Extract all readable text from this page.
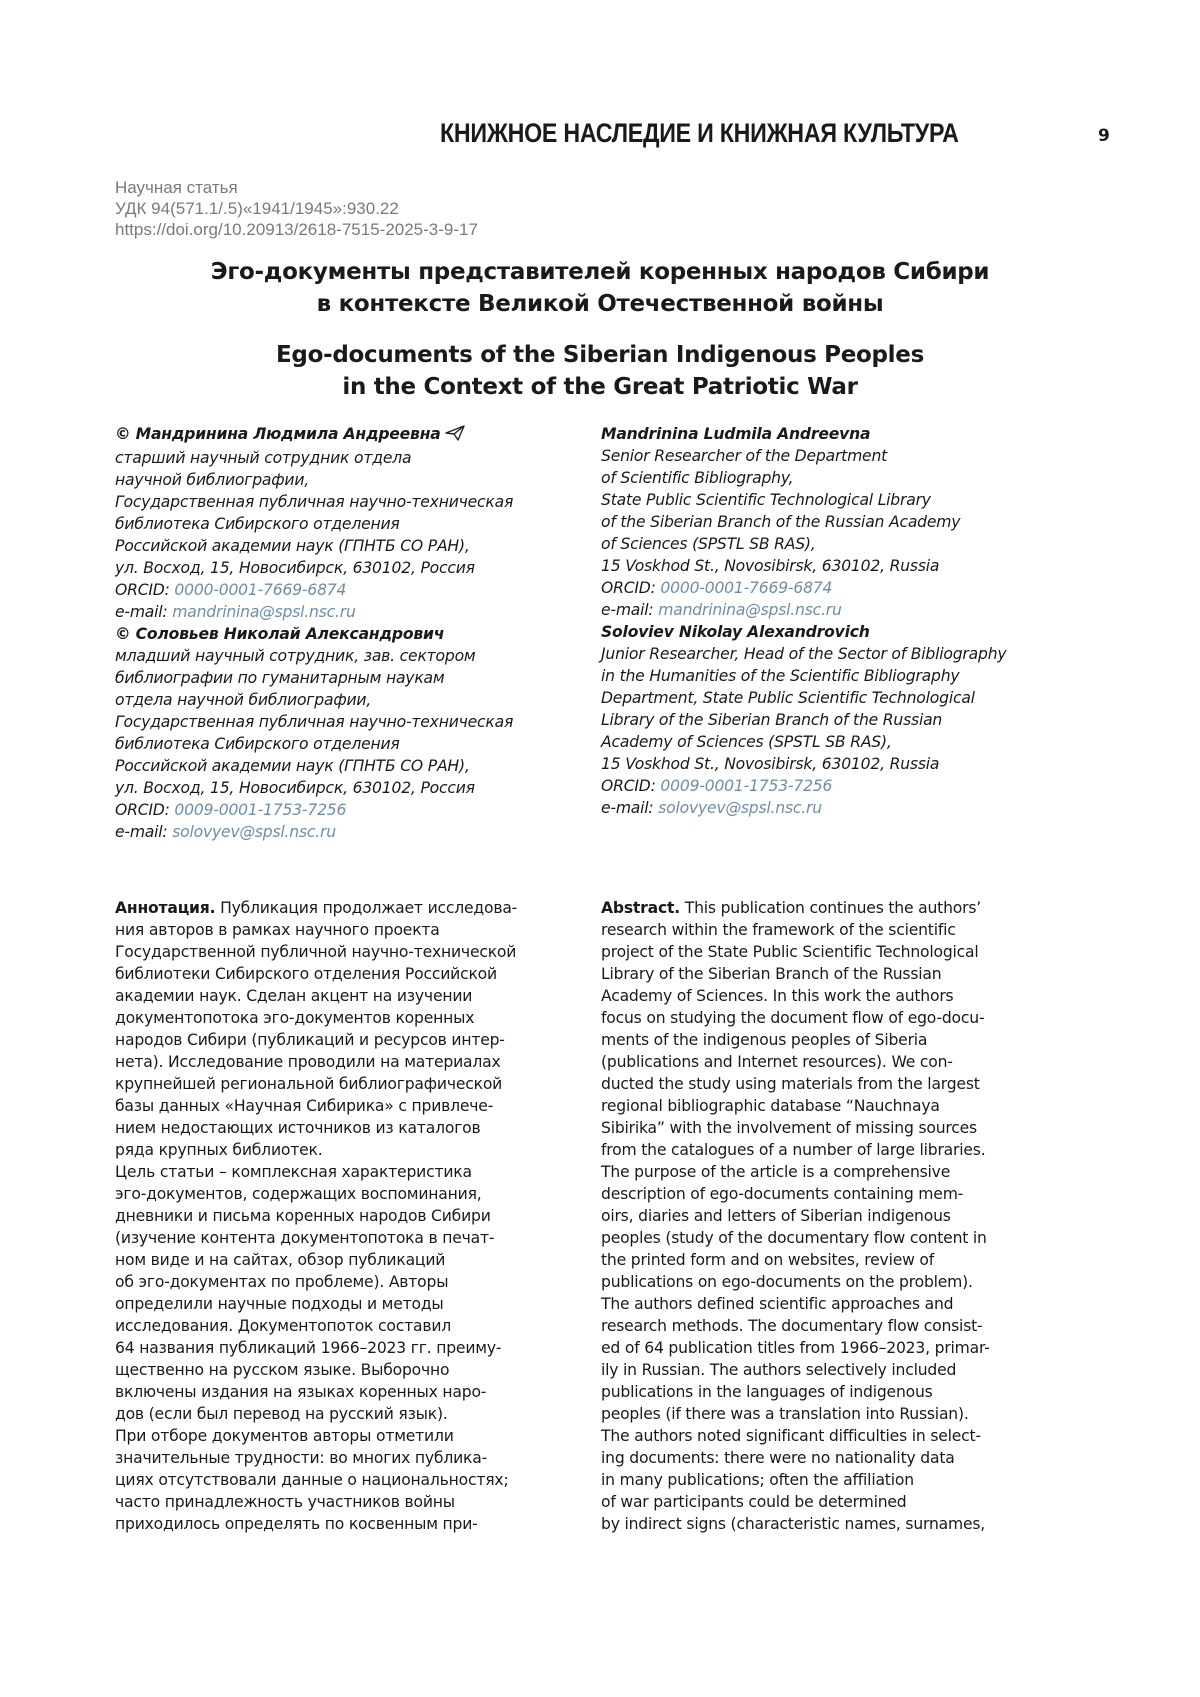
КНИЖНОЕ НАСЛЕДИЕ И КНИЖНАЯ КУЛЬТУРА	9
Научная статья
УДК 94(571.1/.5)«1941/1945»:930.22
https://doi.org/10.20913/2618-7515-2025-3-9-17
Эго-документы представителей коренных народов Сибири
в контексте Великой Отечественной войны
Ego-documents of the Siberian Indigenous Peoples
in the Context of the Great Patriotic War
© Мандринина Людмила Андреевна
старший научный сотрудник отдела
научной библиографии,
Государственная публичная научно-техническая
библиотека Сибирского отделения
Российской академии наук (ГПНТБ СО РАН),
ул. Восход, 15, Новосибирск, 630102, Россия
ORCID: 0000-0001-7669-6874
e-mail: mandrinina@spsl.nsc.ru
© Соловьев Николай Александрович
младший научный сотрудник, зав. сектором
библиографии по гуманитарным наукам
отдела научной библиографии,
Государственная публичная научно-техническая
библиотека Сибирского отделения
Российской академии наук (ГПНТБ СО РАН),
ул. Восход, 15, Новосибирск, 630102, Россия
ORCID: 0009-0001-1753-7256
e-mail: solovyev@spsl.nsc.ru
Mandrinina Ludmila Andreevna
Senior Researcher of the Department
of Scientific Bibliography,
State Public Scientific Technological Library
of the Siberian Branch of the Russian Academy
of Sciences (SPSTL SB RAS),
15 Voskhod St., Novosibirsk, 630102, Russia
ORCID: 0000-0001-7669-6874
e-mail: mandrinina@spsl.nsc.ru
Soloviev Nikolay Alexandrovich
Junior Researcher, Head of the Sector of Bibliography
in the Humanities of the Scientific Bibliography
Department, State Public Scientific Technological
Library of the Siberian Branch of the Russian
Academy of Sciences (SPSTL SB RAS),
15 Voskhod St., Novosibirsk, 630102, Russia
ORCID: 0009-0001-1753-7256
e-mail: solovyev@spsl.nsc.ru
Аннотация. Публикация продолжает исследова-
ния авторов в рамках научного проекта
Государственной публичной научно-технической
библиотеки Сибирского отделения Российской
академии наук. Сделан акцент на изучении
документопотока эго-документов коренных
народов Сибири (публикаций и ресурсов интер-
нета). Исследование проводили на материалах
крупнейшей региональной библиографической
базы данных «Научная Сибирика» с привлече-
нием недостающих источников из каталогов
ряда крупных библиотек.
Цель статьи – комплексная характеристика
эго-документов, содержащих воспоминания,
дневники и письма коренных народов Сибири
(изучение контента документопотока в печат-
ном виде и на сайтах, обзор публикаций
об эго-документах по проблеме). Авторы
определили научные подходы и методы
исследования. Документопоток составил
64 названия публикаций 1966–2023 гг. преиму-
щественно на русском языке. Выборочно
включены издания на языках коренных наро-
дов (если был перевод на русский язык).
При отборе документов авторы отметили
значительные трудности: во многих публика-
циях отсутствовали данные о национальностях;
часто принадлежность участников войны
приходилось определять по косвенным при-
Abstract. This publication continues the authors’
research within the framework of the scientific
project of the State Public Scientific Technological
Library of the Siberian Branch of the Russian
Academy of Sciences. In this work the authors
focus on studying the document flow of ego-docu-
ments of the indigenous peoples of Siberia
(publications and Internet resources). We con-
ducted the study using materials from the largest
regional bibliographic database “Nauchnaya
Sibirika” with the involvement of missing sources
from the catalogues of a number of large libraries.
The purpose of the article is a comprehensive
description of ego-documents containing mem-
oirs, diaries and letters of Siberian indigenous
peoples (study of the documentary flow content in
the printed form and on websites, review of
publications on ego-documents on the problem).
The authors defined scientific approaches and
research methods. The documentary flow consist-
ed of 64 publication titles from 1966–2023, primar-
ily in Russian. The authors selectively included
publications in the languages of indigenous
peoples (if there was a translation into Russian).
The authors noted significant difficulties in select-
ing documents: there were no nationality data
in many publications; often the affiliation
of war participants could be determined
by indirect signs (characteristic names, surnames,
